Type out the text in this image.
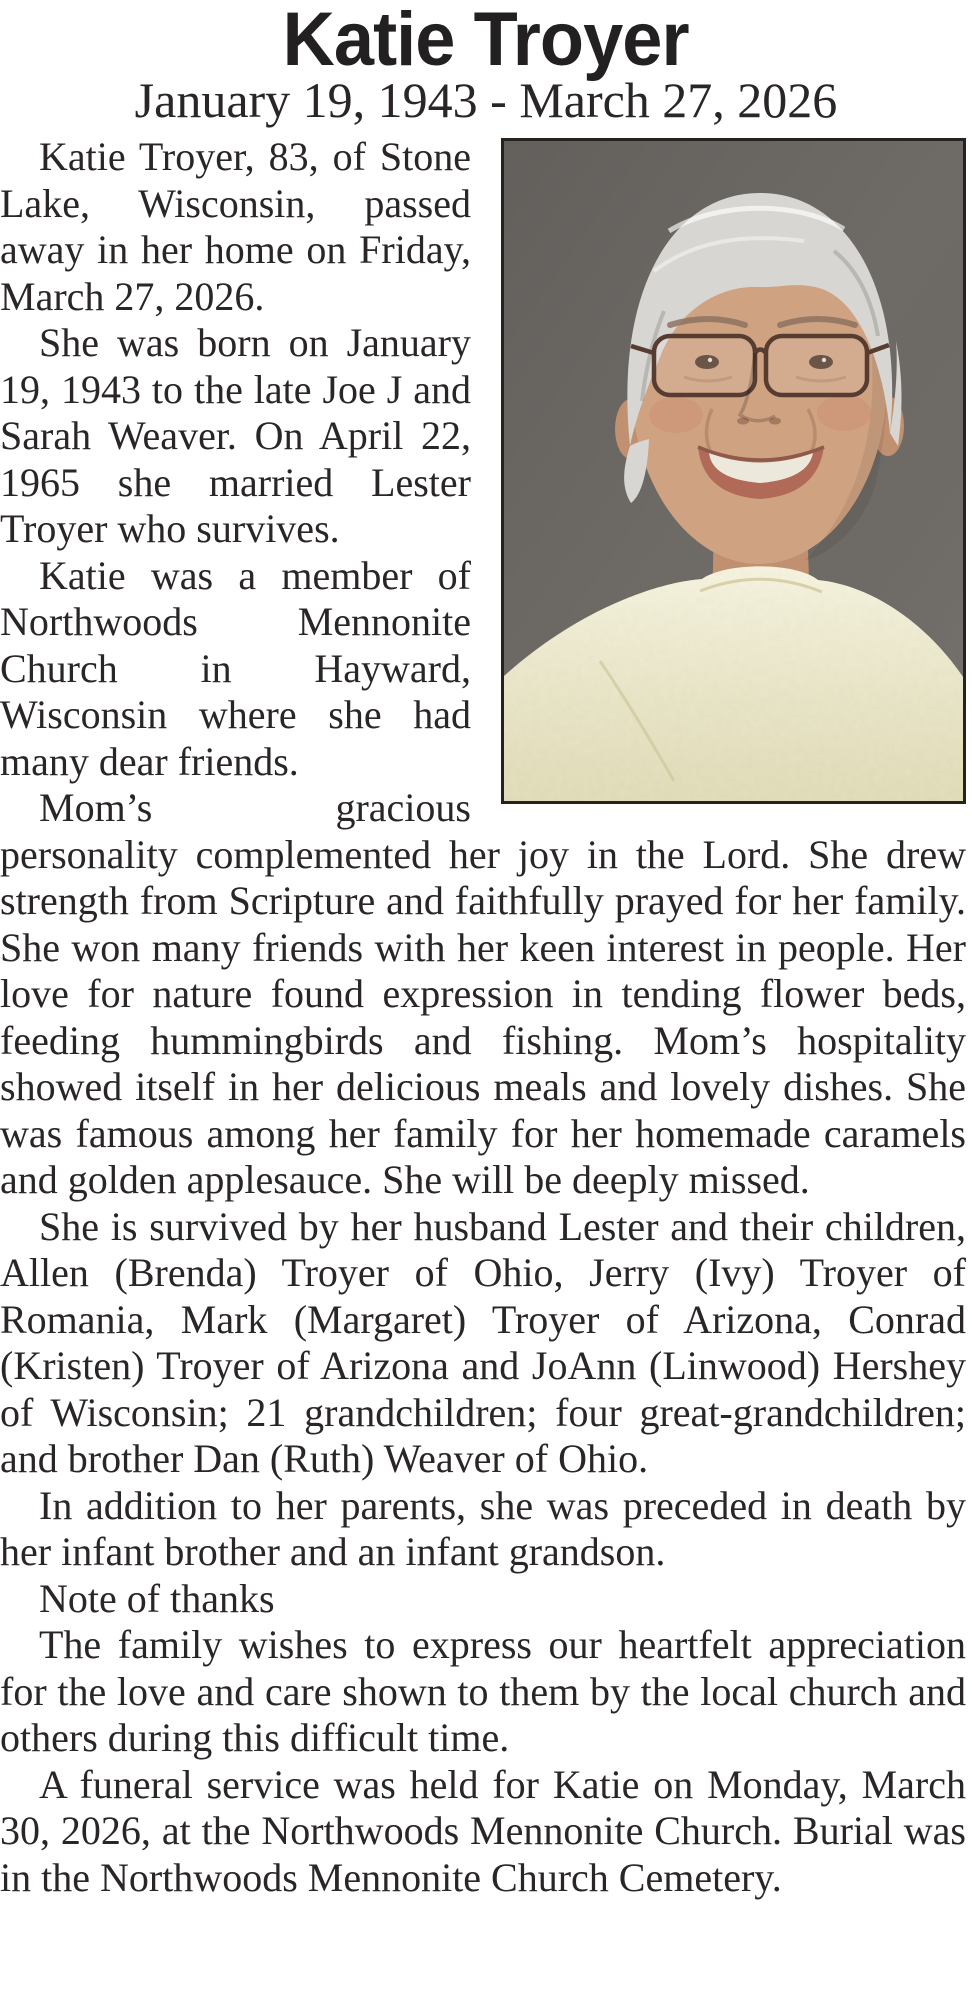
Katie Troyer
January 19, 1943 - March 27, 2026

Katie Troyer, 83, of Stone Lake, Wisconsin, passed away in her home on Friday, March 27, 2026.

She was born on January 19, 1943 to the late Joe J and Sarah Weaver. On April 22, 1965 she married Lester Troyer who survives.

Katie was a member of Northwoods Mennonite Church in Hayward, Wisconsin where she had many dear friends.

Mom’s gracious personality complemented her joy in the Lord. She drew strength from Scripture and faithfully prayed for her family. She won many friends with her keen interest in people. Her love for nature found expression in tending flower beds, feeding hummingbirds and fishing. Mom’s hospitality showed itself in her delicious meals and lovely dishes. She was famous among her family for her homemade caramels and golden applesauce. She will be deeply missed.

She is survived by her husband Lester and their children, Allen (Brenda) Troyer of Ohio, Jerry (Ivy) Troyer of Romania, Mark (Margaret) Troyer of Arizona, Conrad (Kristen) Troyer of Arizona and JoAnn (Linwood) Hershey of Wisconsin; 21 grandchildren; four great-grandchildren; and brother Dan (Ruth) Weaver of Ohio.

In addition to her parents, she was preceded in death by her infant brother and an infant grandson.

Note of thanks

The family wishes to express our heartfelt appreciation for the love and care shown to them by the local church and others during this difficult time.

A funeral service was held for Katie on Monday, March 30, 2026, at the Northwoods Mennonite Church. Burial was in the Northwoods Mennonite Church Cemetery.
